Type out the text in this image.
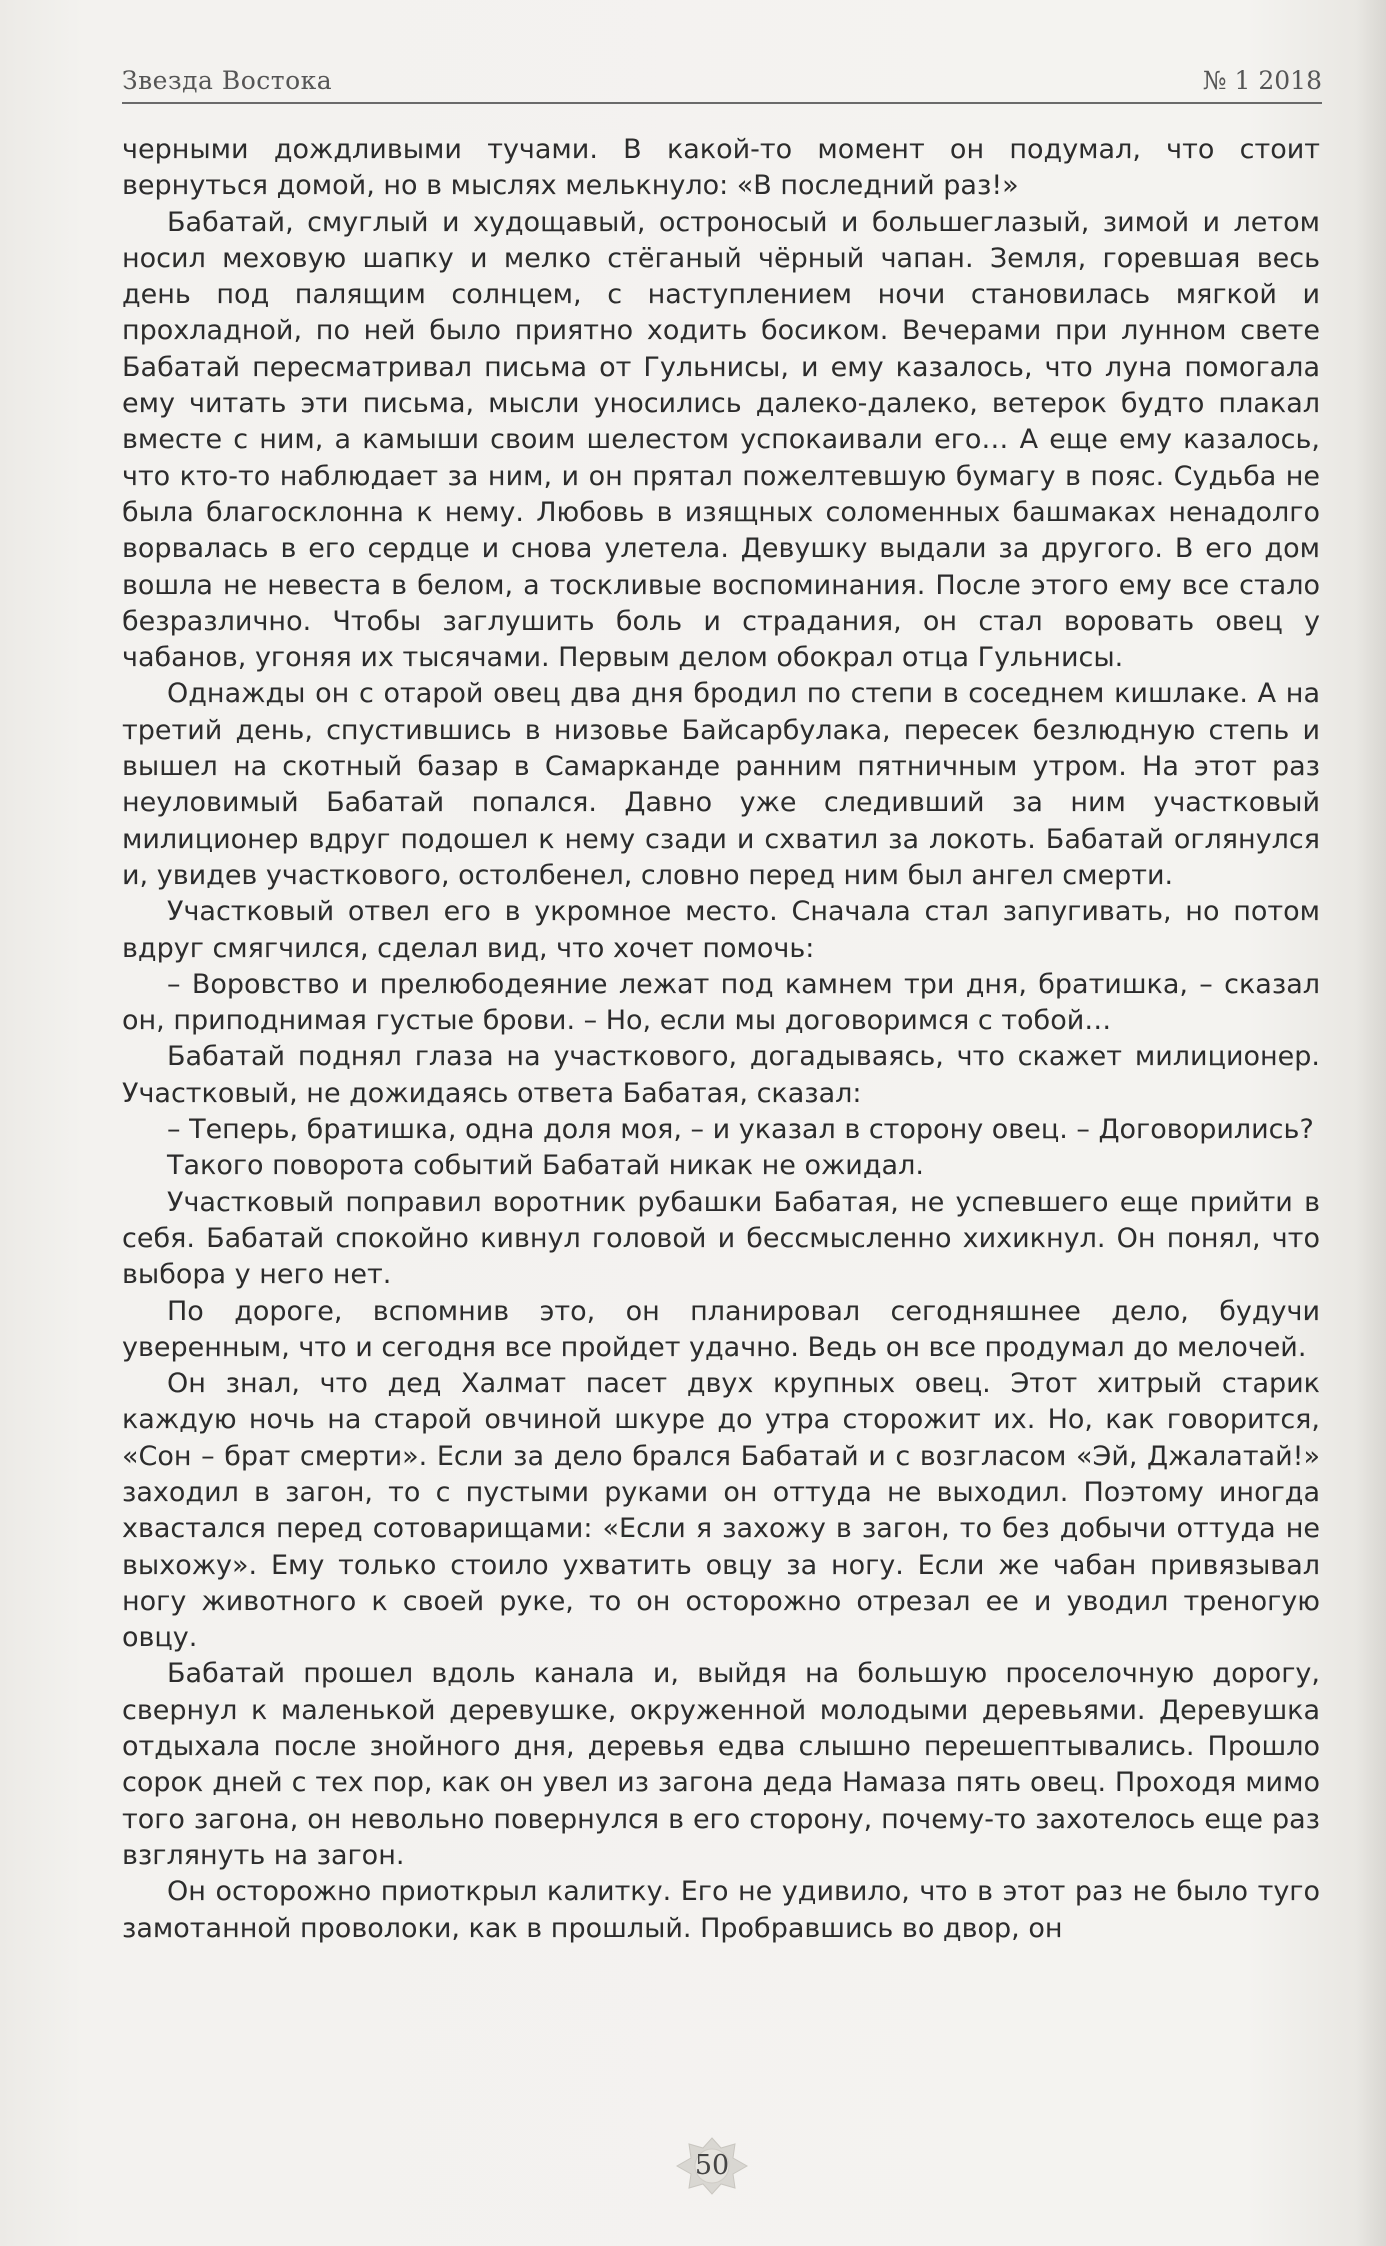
Звезда Востока	№ 1 2018

черными дождливыми тучами. В какой-то момент он подумал, что стоит вернуться домой, но в мыслях мелькнуло: «В последний раз!»

Бабатай, смуглый и худощавый, остроносый и большеглазый, зимой и летом носил меховую шапку и мелко стёганый чёрный чапан. Земля, горевшая весь день под палящим солнцем, с наступлением ночи становилась мягкой и прохладной, по ней было приятно ходить босиком. Вечерами при лунном свете Бабатай пересматривал письма от Гульнисы, и ему казалось, что луна помогала ему читать эти письма, мысли уносились далеко-далеко, ветерок будто плакал вместе с ним, а камыши своим шелестом успокаивали его… А еще ему казалось, что кто-то наблюдает за ним, и он прятал пожелтевшую бумагу в пояс. Судьба не была благосклонна к нему. Любовь в изящных соломенных башмаках ненадолго ворвалась в его сердце и снова улетела. Девушку выдали за другого. В его дом вошла не невеста в белом, а тоскливые воспоминания. После этого ему все стало безразлично. Чтобы заглушить боль и страдания, он стал воровать овец у чабанов, угоняя их тысячами. Первым делом обокрал отца Гульнисы.

Однажды он с отарой овец два дня бродил по степи в соседнем кишлаке. А на третий день, спустившись в низовье Байсарбулака, пересек безлюдную степь и вышел на скотный базар в Самарканде ранним пятничным утром. На этот раз неуловимый Бабатай попался. Давно уже следивший за ним участковый милиционер вдруг подошел к нему сзади и схватил за локоть. Бабатай оглянулся и, увидев участкового, остолбенел, словно перед ним был ангел смерти.

Участковый отвел его в укромное место. Сначала стал запугивать, но потом вдруг смягчился, сделал вид, что хочет помочь:

– Воровство и прелюбодеяние лежат под камнем три дня, братишка, – сказал он, приподнимая густые брови. – Но, если мы договоримся с тобой…

Бабатай поднял глаза на участкового, догадываясь, что скажет милиционер. Участковый, не дожидаясь ответа Бабатая, сказал:

– Теперь, братишка, одна доля моя, – и указал в сторону овец. – Договорились?

Такого поворота событий Бабатай никак не ожидал.

Участковый поправил воротник рубашки Бабатая, не успевшего еще прийти в себя. Бабатай спокойно кивнул головой и бессмысленно хихикнул. Он понял, что выбора у него нет.

По дороге, вспомнив это, он планировал сегодняшнее дело, будучи уверенным, что и сегодня все пройдет удачно. Ведь он все продумал до мелочей.

Он знал, что дед Халмат пасет двух крупных овец. Этот хитрый старик каждую ночь на старой овчиной шкуре до утра сторожит их. Но, как говорится, «Сон – брат смерти». Если за дело брался Бабатай и с возгласом «Эй, Джалатай!» заходил в загон, то с пустыми руками он оттуда не выходил. Поэтому иногда хвастался перед сотоварищами: «Если я захожу в загон, то без добычи оттуда не выхожу». Ему только стоило ухватить овцу за ногу. Если же чабан привязывал ногу животного к своей руке, то он осторожно отрезал ее и уводил треногую овцу.

Бабатай прошел вдоль канала и, выйдя на большую проселочную дорогу, свернул к маленькой деревушке, окруженной молодыми деревьями. Деревушка отдыхала после знойного дня, деревья едва слышно перешептывались. Прошло сорок дней с тех пор, как он увел из загона деда Намаза пять овец. Проходя мимо того загона, он невольно повернулся в его сторону, почему-то захотелось еще раз взглянуть на загон.

Он осторожно приоткрыл калитку. Его не удивило, что в этот раз не было туго замотанной проволоки, как в прошлый. Пробравшись во двор, он

50
